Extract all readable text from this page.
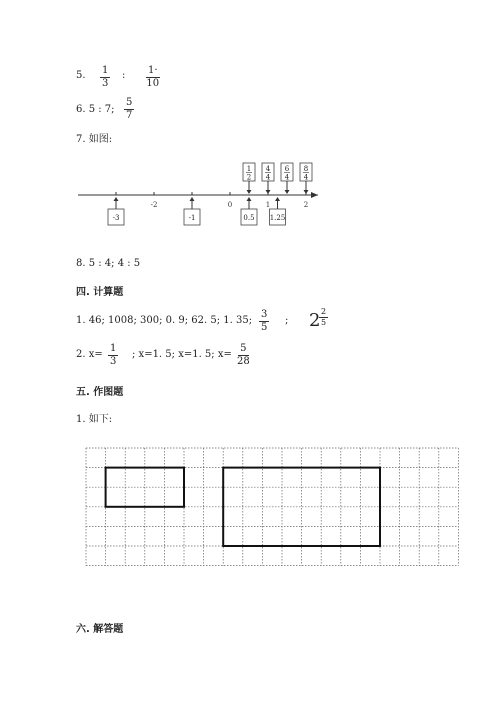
5. $\frac{1}{3}$ : $\frac{1\cdot}{10}$
6. 5 : 7; $\frac{5}{7}$
7. 如图:
-2	0	1	2
-3	-1	0.5 1.25
1
2
4
4
6
4
8
4
8. 5 : 4; 4 : 5
四. 计算题
1. 46; 1008; 300; 0. 9; 62. 5; 1. 35; $\frac{3}{5}$ ; 2
$\frac{2}{5}$
2. $x= \frac{1}{3}$ ; x=1. 5; x=1. 5; $x= \frac{5}{28}$
五. 作图题
1. 如下:
六. 解答题
